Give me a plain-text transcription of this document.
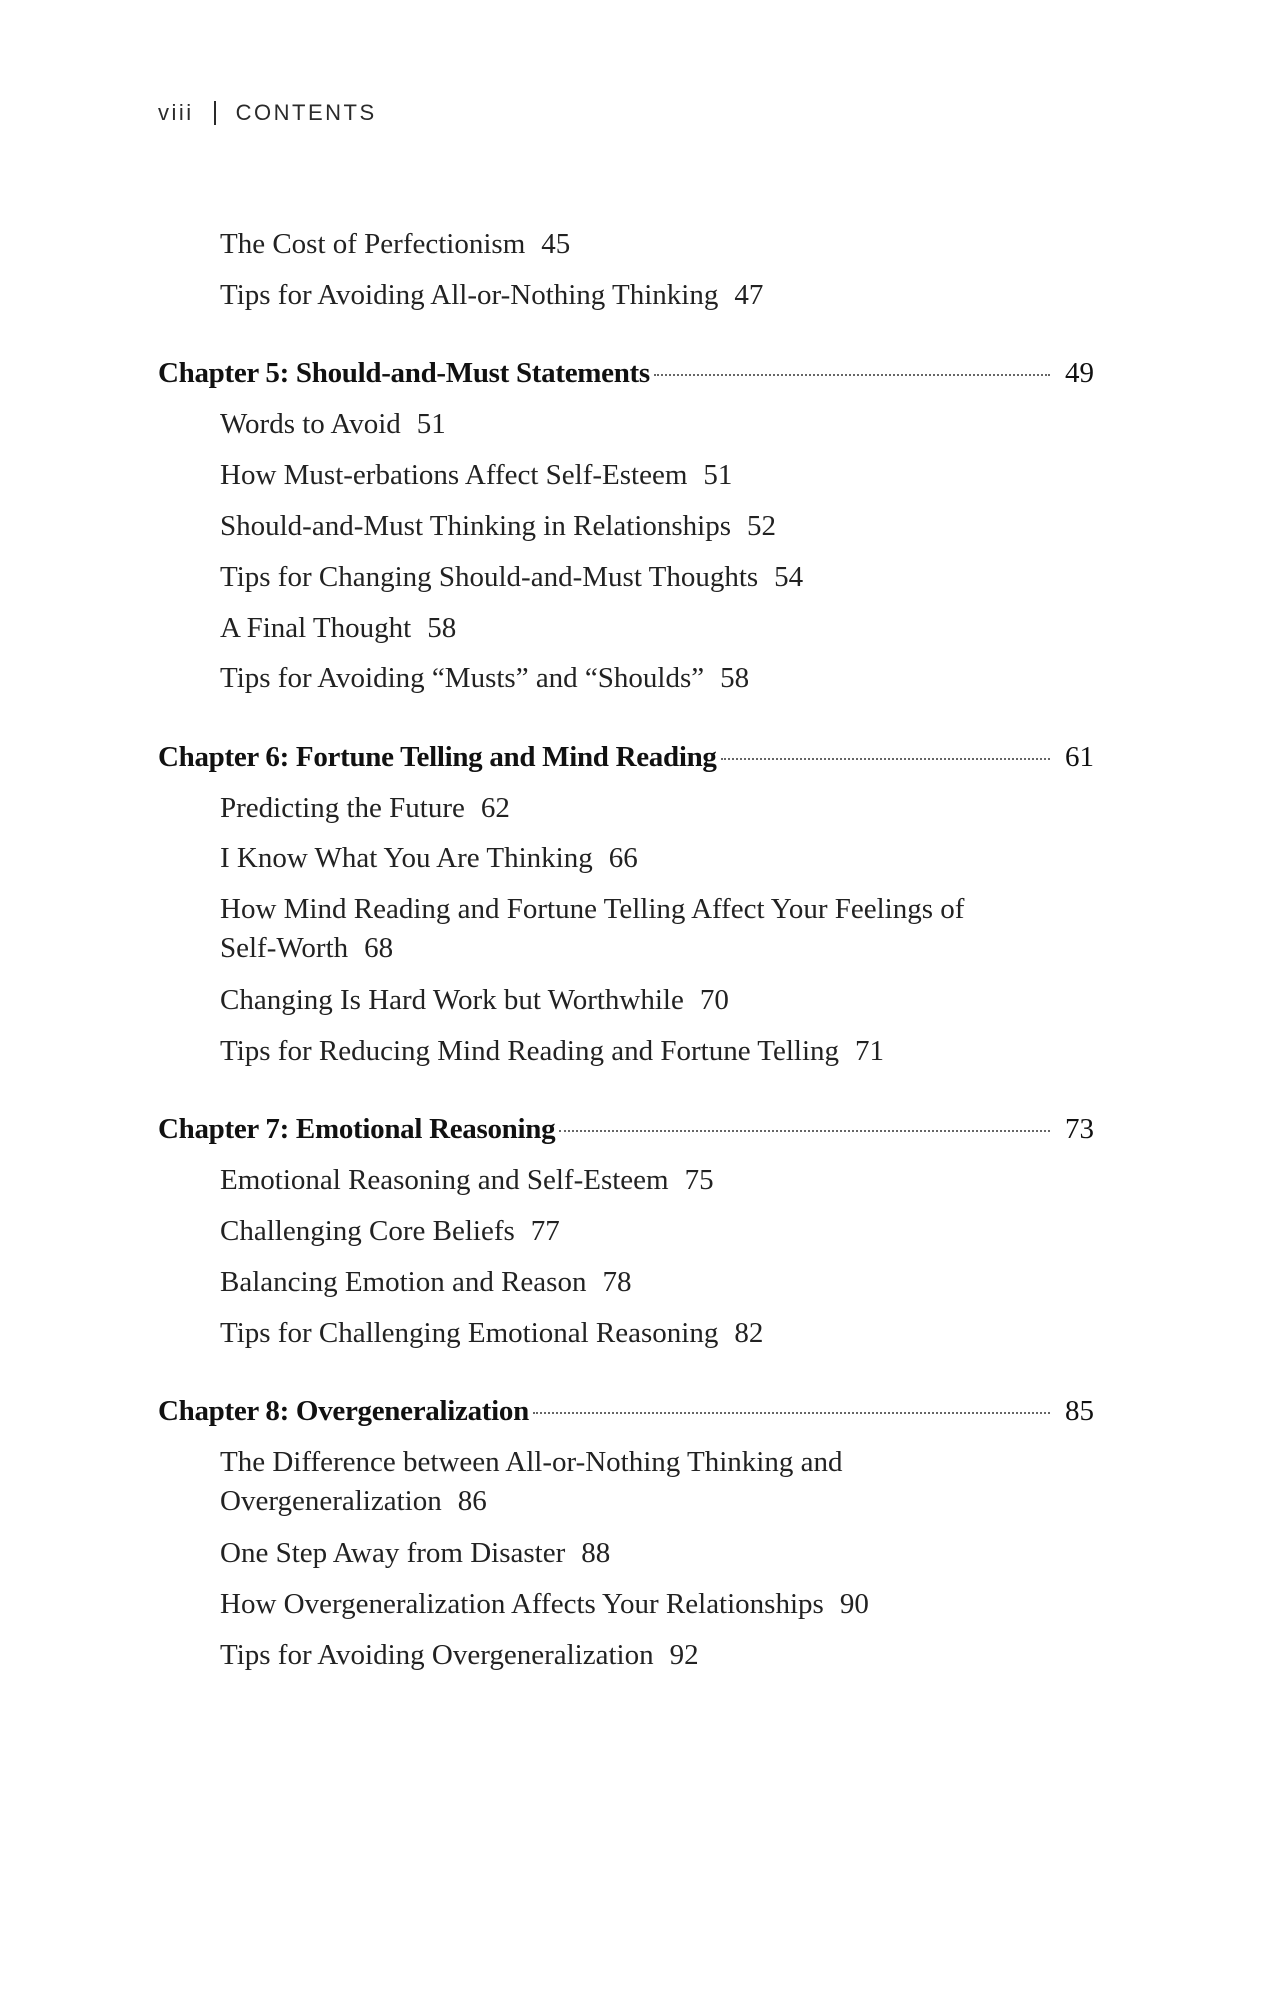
viii CONTENTS
The Cost of Perfectionism 45
Tips for Avoiding All-or-Nothing Thinking 47
Chapter 5: Should-and-Must Statements	49
Words to Avoid 51
How Must-erbations Affect Self-Esteem 51
Should-and-Must Thinking in Relationships 52
Tips for Changing Should-and-Must Thoughts 54
A Final Thought 58
Tips for Avoiding “Musts” and “Shoulds” 58
Chapter 6: Fortune Telling and Mind Reading	61
Predicting the Future 62
I Know What You Are Thinking 66
How Mind Reading and Fortune Telling Affect Your Feelings of Self-Worth 68
Changing Is Hard Work but Worthwhile 70
Tips for Reducing Mind Reading and Fortune Telling 71
Chapter 7: Emotional Reasoning	73
Emotional Reasoning and Self-Esteem 75
Challenging Core Beliefs 77
Balancing Emotion and Reason 78
Tips for Challenging Emotional Reasoning 82
Chapter 8: Overgeneralization	85
The Difference between All-or-Nothing Thinking and Overgeneralization 86
One Step Away from Disaster 88
How Overgeneralization Affects Your Relationships 90
Tips for Avoiding Overgeneralization 92
